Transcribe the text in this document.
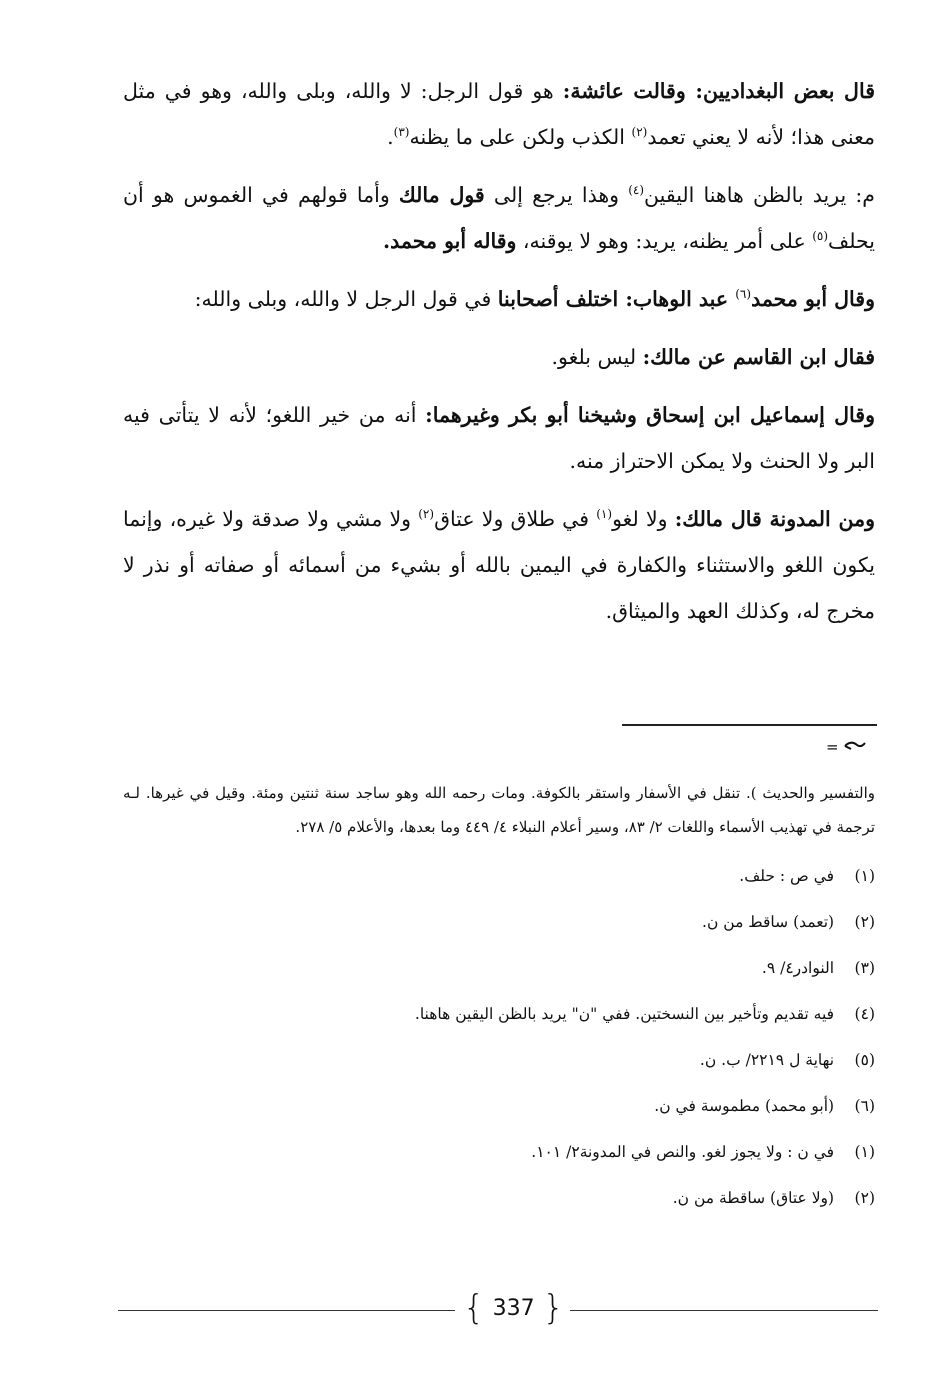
قال بعض البغداديين: وقالت عائشة: هو قول الرجل: لا والله، وبلى والله، وهو في مثل معنى هذا؛ لأنه لا يعني تعمد$^{(٢)}$ الكذب ولكن على ما يظنه$^{(٣)}$.

م: يريد بالظن هاهنا اليقين$^{(٤)}$ وهذا يرجع إلى قول مالك وأما قولهم في الغموس هو أن يحلف$^{(٥)}$ على أمر يظنه، يريد: وهو لا يوقنه، وقاله أبو محمد.

وقال أبو محمد$^{(٦)}$ عبد الوهاب: اختلف أصحابنا في قول الرجل لا والله، وبلى والله:

فقال ابن القاسم عن مالك: ليس بلغو.

وقال إسماعيل ابن إسحاق وشيخنا أبو بكر وغيرهما: أنه من خير اللغو؛ لأنه لا يتأتى فيه البر ولا الحنث ولا يمكن الاحتراز منه.

ومن المدونة قال مالك: ولا لغو$^{(١)}$ في طلاق ولا عتاق$^{(٢)}$ ولا مشي ولا صدقة ولا غيره، وإنما يكون اللغو والاستثناء والكفارة في اليمين بالله أو بشيء من أسمائه أو صفاته أو نذر لا مخرج له، وكذلك العهد والميثاق.

=

والتفسير والحديث ). تنقل في الأسفار واستقر بالكوفة. ومات رحمه الله وهو ساجد سنة ثنتين ومئة. وقيل في غيرها. لـه ترجمة في تهذيب الأسماء واللغات ٢/ ٨٣، وسير أعلام النبلاء ٤/ ٤٤٩ وما بعدها، والأعلام ٥/ ٢٧٨.

(١) في ص : حلف.
(٢) (تعمد) ساقط من ن.
(٣) النوادر٤/ ٩.
(٤) فيه تقديم وتأخير بين النسختين. ففي "ن" يريد بالظن اليقين هاهنا.
(٥) نهاية ل ٢٢١٩/ ب. ن.
(٦) (أبو محمد) مطموسة في ن.
(١) في ن : ولا يجوز لغو. والنص في المدونة٢/ ١٠١.
(٢) (ولا عتاق) ساقطة من ن.
{ 337 }
